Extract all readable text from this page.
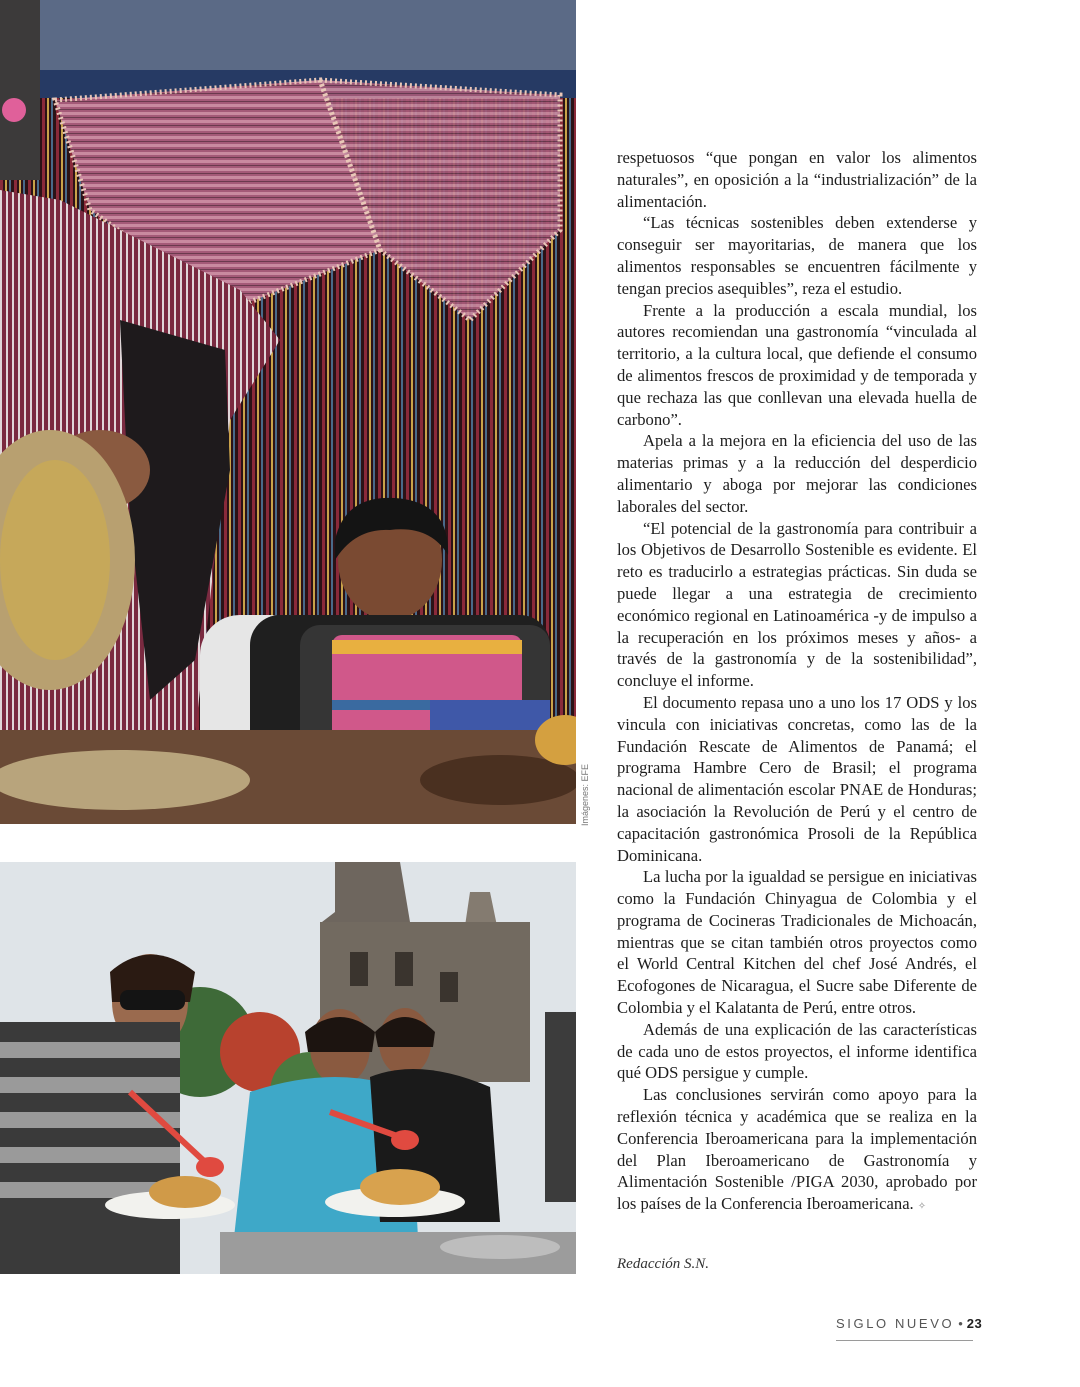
Imágenes: EFE

respetuosos “que pongan en valor los alimentos naturales”, en oposición a la “industrialización” de la alimentación.

“Las técnicas sostenibles deben extenderse y conseguir ser mayoritarias, de manera que los alimentos responsables se encuentren fácilmente y tengan precios asequibles”, reza el estudio.

Frente a la producción a escala mundial, los autores recomiendan una gastronomía “vinculada al territorio, a la cultura local, que defiende el consumo de alimentos frescos de proximidad y de temporada y que rechaza las que conllevan una elevada huella de carbono”.

Apela a la mejora en la eficiencia del uso de las materias primas y a la reducción del desperdicio alimentario y aboga por mejorar las condiciones laborales del sector.

“El potencial de la gastronomía para contribuir a los Objetivos de Desarrollo Sostenible es evidente. El reto es traducirlo a estrategias prácticas. Sin duda se puede llegar a una estrategia de crecimiento económico regional en Latinoamérica -y de impulso a la recuperación en los próximos meses y años- a través de la gastronomía y de la sostenibilidad”, concluye el informe.

El documento repasa uno a uno los 17 ODS y los vincula con iniciativas concretas, como las de la Fundación Rescate de Alimentos de Panamá; el programa Hambre Cero de Brasil; el programa nacional de alimentación escolar PNAE de Honduras; la asociación la Revolución de Perú y el centro de capacitación gastronómica Prosoli de la República Dominicana.

La lucha por la igualdad se persigue en iniciativas como la Fundación Chinyagua de Colombia y el programa de Cocineras Tradicionales de Michoacán, mientras que se citan también otros proyectos como el World Central Kitchen del chef José Andrés, el Ecofogones de Nicaragua, el Sucre sabe Diferente de Colombia y el Kalatanta de Perú, entre otros.

Además de una explicación de las características de cada uno de estos proyectos, el informe identifica qué ODS persigue y cumple.

Las conclusiones servirán como apoyo para la reflexión técnica y académica que se realiza en la Conferencia Iberoamericana para la implementación del Plan Iberoamericano de Gastronomía y Alimentación Sostenible /PIGA 2030, aprobado por los países de la Conferencia Iberoamericana. ✧

Redacción S.N.
SIGLO NUEVO • 23
